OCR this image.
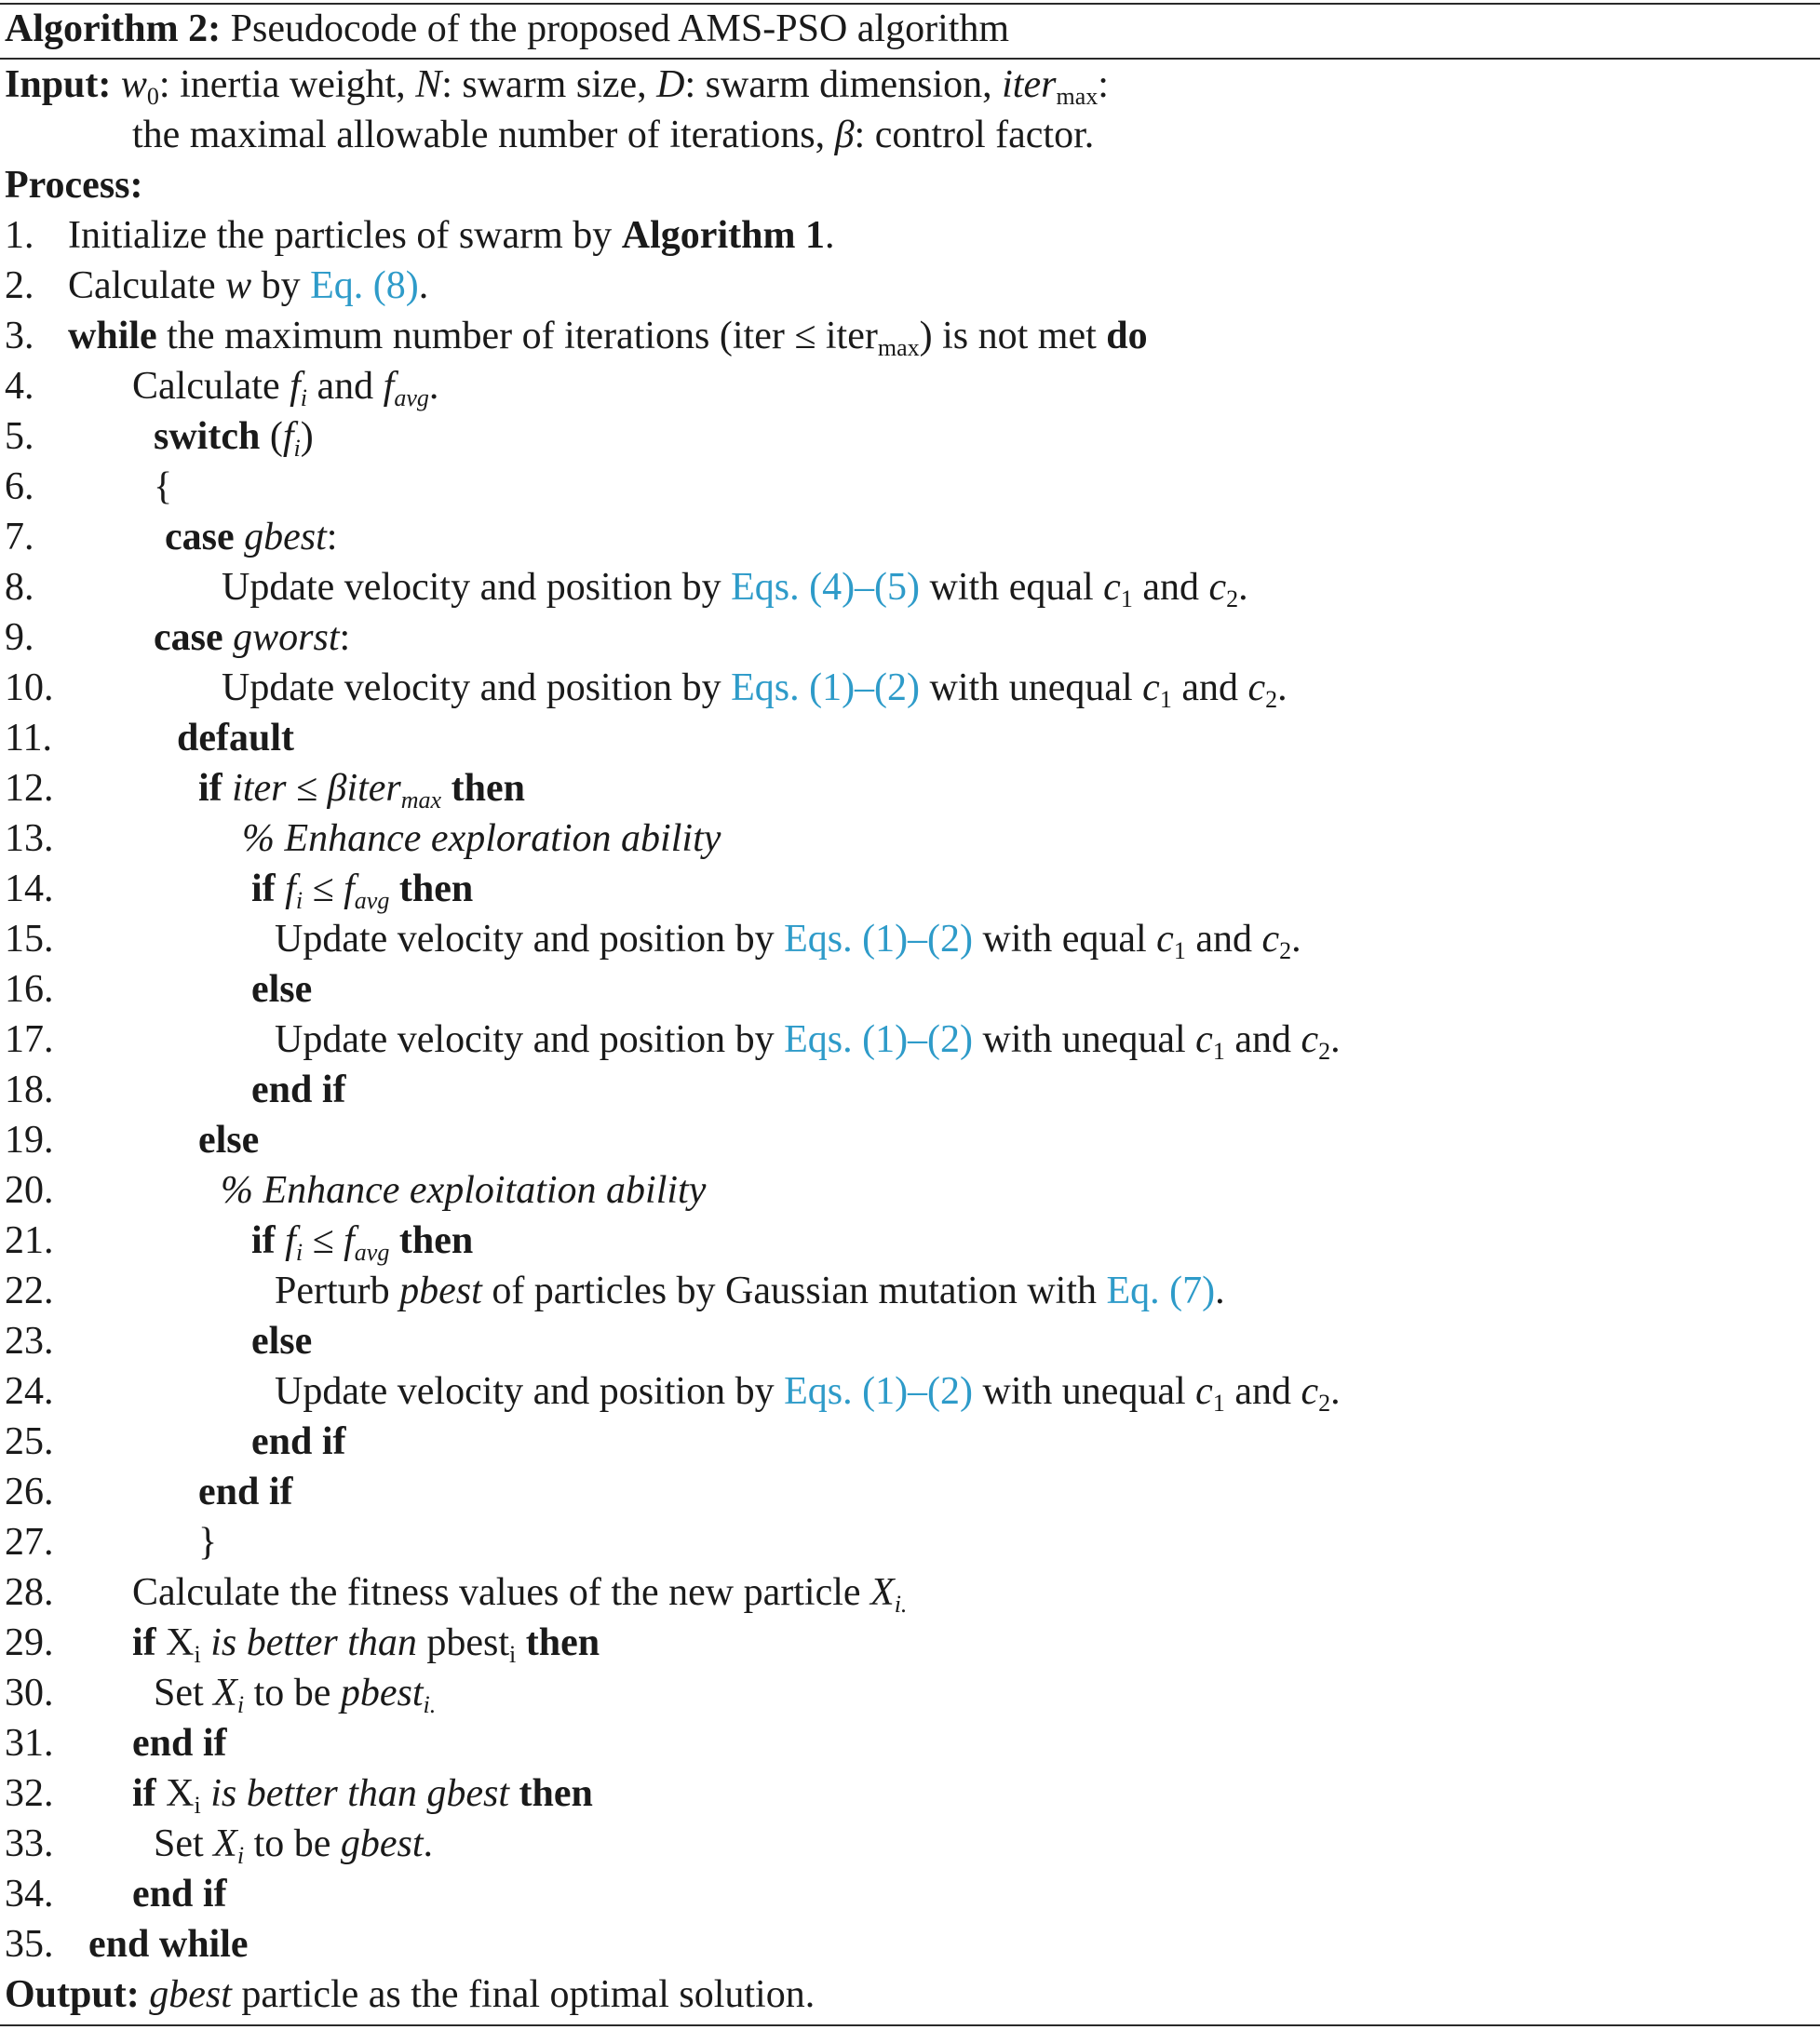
Algorithm 2: Pseudocode of the proposed AMS-PSO algorithm
Input: $w_0$: inertia weight, N: swarm size, D: swarm dimension, iter$_{max}$:
the maximal allowable number of iterations, β: control factor.
Process:
1. Initialize the particles of swarm by Algorithm 1.
2. Calculate w by Eq. (8).
3. while the maximum number of iterations (iter ≤ iter$_{max}$) is not met do
4.	Calculate $f_i$ and $f_{avg}$.
5.	switch $(f_i)$
6.	{
7.	case gbest:
8.	Update velocity and position by Eqs. (4)–(5) with equal $c_1$ and $c_2$.
9.	case gworst:
10.	Update velocity and position by Eqs. (1)–(2) with unequal $c_1$ and $c_2$.
11.	default
12.	if iter ≤ βiter$_{max}$ then
13.	% Enhance exploration ability
14.	if $f_i \le f_{avg}$ then
15.	Update velocity and position by Eqs. (1)–(2) with equal $c_1$ and $c_2$.
16.	else
17.	Update velocity and position by Eqs. (1)–(2) with unequal $c_1$ and $c_2$.
18.	end if
19.	else
20.	% Enhance exploitation ability
21.	if $f_i \le f_{avg}$ then
22.	Perturb pbest of particles by Gaussian mutation with Eq. (7).
23.	else
24.	Update velocity and position by Eqs. (1)–(2) with unequal $c_1$ and $c_2$.
25.	end if
26.	end if
27.	}
28. Calculate the fitness values of the new particle $X_{i.}$
29. if $X_i$ is better than pbest$_i$ then
30.	Set $X_i$ to be pbest$_{i.}$
31. end if
32. if $X_i$ is better than gbest then
33.	Set $X_i$ to be gbest.
34. end if
35. end while
Output: gbest particle as the final optimal solution.
